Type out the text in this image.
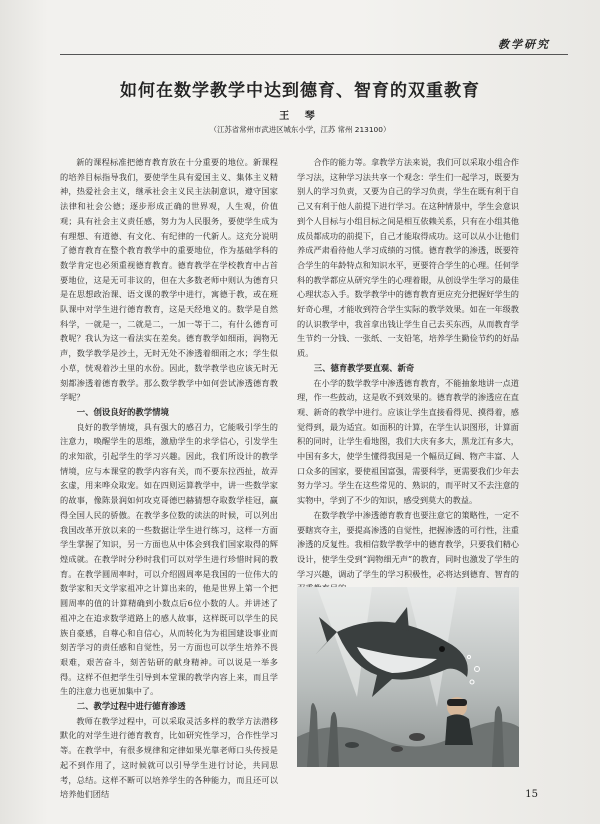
教学研究
如何在数学教学中达到德育、智育的双重教育
王 琴
（江苏省常州市武进区城东小学，江苏 常州 213100）

新的课程标准把德育教育放在十分重要的地位。新课程的培养目标指导我们，要使学生具有爱国主义、集体主义精神，热爱社会主义，继承社会主义民主法制意识，遵守国家法律和社会公德；逐步形成正确的世界观，人生观，价值观；具有社会主义责任感，努力为人民服务，要使学生成为有理想、有道德、有文化、有纪律的一代新人。这充分说明了德育教育在整个教育教学中的重要地位，作为基础学科的数学肯定也必须重视德育教育。德育教学在学校教育中占首要地位，这是无可非议的，但在大多数老师中则认为德育只是在思想政治课、语文课的教学中进行，寓德于教，或在班队课中对学生进行德育教育，这是天经地义的。数学是自然科学，一就是一，二就是二，一加一等于二，有什么德育可教呢？我认为这一看法实在差矣。德育教学如细雨，润物无声，数学教学是沙土，无时无处不渗透着细雨之水；学生似小草，恍观着沙土里的水份。因此，数学教学也应该无时无刻都渗透着德育教学。那么数学教学中如何尝试渗透德育教学呢？

一、创设良好的教学情境

良好的教学情境，具有强大的感召力，它能吸引学生的注意力，唤醒学生的思维，激励学生的求学信心，引发学生的求知欲，引起学生的学习兴趣。因此，我们所设计的教学情境，应与本课堂的教学内容有关，而不要东拉西扯，故弄玄虚，用来哗众取宠。如在四则运算教学中，讲一些数学家的故事，像陈景润如何攻克哥德巴赫猜想夺取数学桂冠，赢得全国人民的骄傲。在教学多位数的读法的时候，可以列出我国改革开放以来的一些数据让学生进行练习，这样一方面学生掌握了知识，另一方面也从中体会到我们国家取得的辉煌成就。在教学时分秒时我们可以对学生进行珍惜时间的教育。在教学圆周率时，可以介绍圆周率是我国的一位伟大的数学家和天文学家祖冲之计算出来的，他是世界上第一个把圆周率的值的计算精确到小数点后6位小数的人。并讲述了祖冲之在追求数学道路上的感人故事，这样既可以学生的民族自豪感，自尊心和自信心，从而转化为为祖国建设事业而刻苦学习的责任感和自觉性，另一方面也可以学生培养不畏艰难，艰苦奋斗，刻苦钻研的献身精神。可以说是一举多得。这样不但把学生引导到本堂课的教学内容上来，而且学生的注意力也更加集中了。

二、教学过程中进行德育渗透

教师在教学过程中，可以采取灵活多样的教学方法潜移默化的对学生进行德育教育，比如研究性学习，合作性学习等。在教学中，有很多规律和定律如果光靠老师口头传授是起不到作用了，这时候就可以引导学生进行讨论，共同思考，总结。这样不断可以培养学生的各种能力，而且还可以培养他们团结

合作的能力等。拿教学方法来说，我们可以采取小组合作学习法，这种学习法共享一个观念：学生们一起学习，既要为别人的学习负责，又要为自己的学习负责，学生在既有利于自己又有利于他人前提下进行学习。在这种情景中，学生会意识到个人目标与小组目标之间是相互依赖关系，只有在小组其他成员都成功的前提下，自己才能取得成功。这可以从小让他们养成严肃看待他人学习成绩的习惯。德育教学的渗透，既要符合学生的年龄特点和知识水平，更要符合学生的心理。任何学科的教学都应从研究学生的心理着眼，从创设学生学习的最佳心理状态入手。数学教学中的德育教育更应充分把握好学生的好奇心理，才能收到符合学生实际的教学效果。如在一年级教的认识教学中，我首拿出钱让学生自己去买东西，从而教育学生节约一分钱、一张纸、一支铅笔，培养学生勤俭节约的好品质。

三、德育教学要直观、新奇

在小学的数学教学中渗透德育教育，不能抽象地讲一点道理，作一些鼓动，这是收不到效果的。德育教学的渗透应在直观、新奇的教学中进行。应该让学生直接看得见、摸得着，感觉得到，最为适宜。如面积的计算，在学生认识图形，计算面积的同时，让学生看地图，我们大庆有多大，黑龙江有多大，中国有多大，使学生懂得我国是一个幅员辽阔、物产丰富、人口众多的国家，要使祖国富强，需要科学，更需要我们少年去努力学习。学生在这些常见的、熟识的，而平时又不去注意的实物中，学到了不少的知识，感受到莫大的教益。

在数学教学中渗透德育教育也要注意它的策略性，一定不要瞎宾夺主，要提高渗透的自觉性，把握渗透的可行性，注重渗透的反复性。我相信数学教学中的德育教学，只要我们精心设计，使学生受到“润物细无声”的教育，同时也激发了学生的学习兴趣，调动了学生的学习积极性，必将达到德育、智育的

15
